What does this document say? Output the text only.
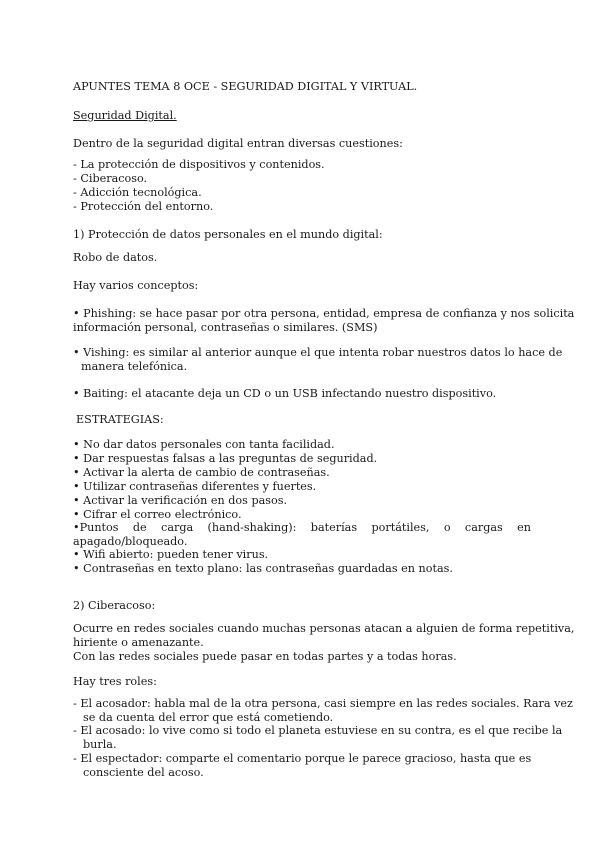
APUNTES TEMA 8 OCE - SEGURIDAD DIGITAL Y VIRTUAL.
Seguridad Digital.
Dentro de la seguridad digital entran diversas cuestiones:
- La protección de dispositivos y contenidos.
- Ciberacoso.
- Adicción tecnológica.
- Protección del entorno.
1) Protección de datos personales en el mundo digital:
Robo de datos.
Hay varios conceptos:
• Phishing: se hace pasar por otra persona, entidad, empresa de confianza y nos solicita
información personal, contraseñas o similares. (SMS)
• Vishing: es similar al anterior aunque el que intenta robar nuestros datos lo hace de
manera telefónica.
• Baiting: el atacante deja un CD o un USB infectando nuestro dispositivo.
ESTRATEGIAS:
• No dar datos personales con tanta facilidad.
• Dar respuestas falsas a las preguntas de seguridad.
• Activar la alerta de cambio de contraseñas.
• Utilizar contraseñas diferentes y fuertes.
• Activar la verificación en dos pasos.
• Cifrar el correo electrónico.
•Puntos de carga (hand-shaking): baterías portátiles, o cargas en
apagado/bloqueado.
• Wifi abierto: pueden tener virus.
• Contraseñas en texto plano: las contraseñas guardadas en notas.
2) Ciberacoso:
Ocurre en redes sociales cuando muchas personas atacan a alguien de forma repetitiva,
hiriente o amenazante.
Con las redes sociales puede pasar en todas partes y a todas horas.
Hay tres roles:
- El acosador: habla mal de la otra persona, casi siempre en las redes sociales. Rara vez
se da cuenta del error que está cometiendo.
- El acosado: lo vive como si todo el planeta estuviese en su contra, es el que recibe la
burla.
- El espectador: comparte el comentario porque le parece gracioso, hasta que es
consciente del acoso.
